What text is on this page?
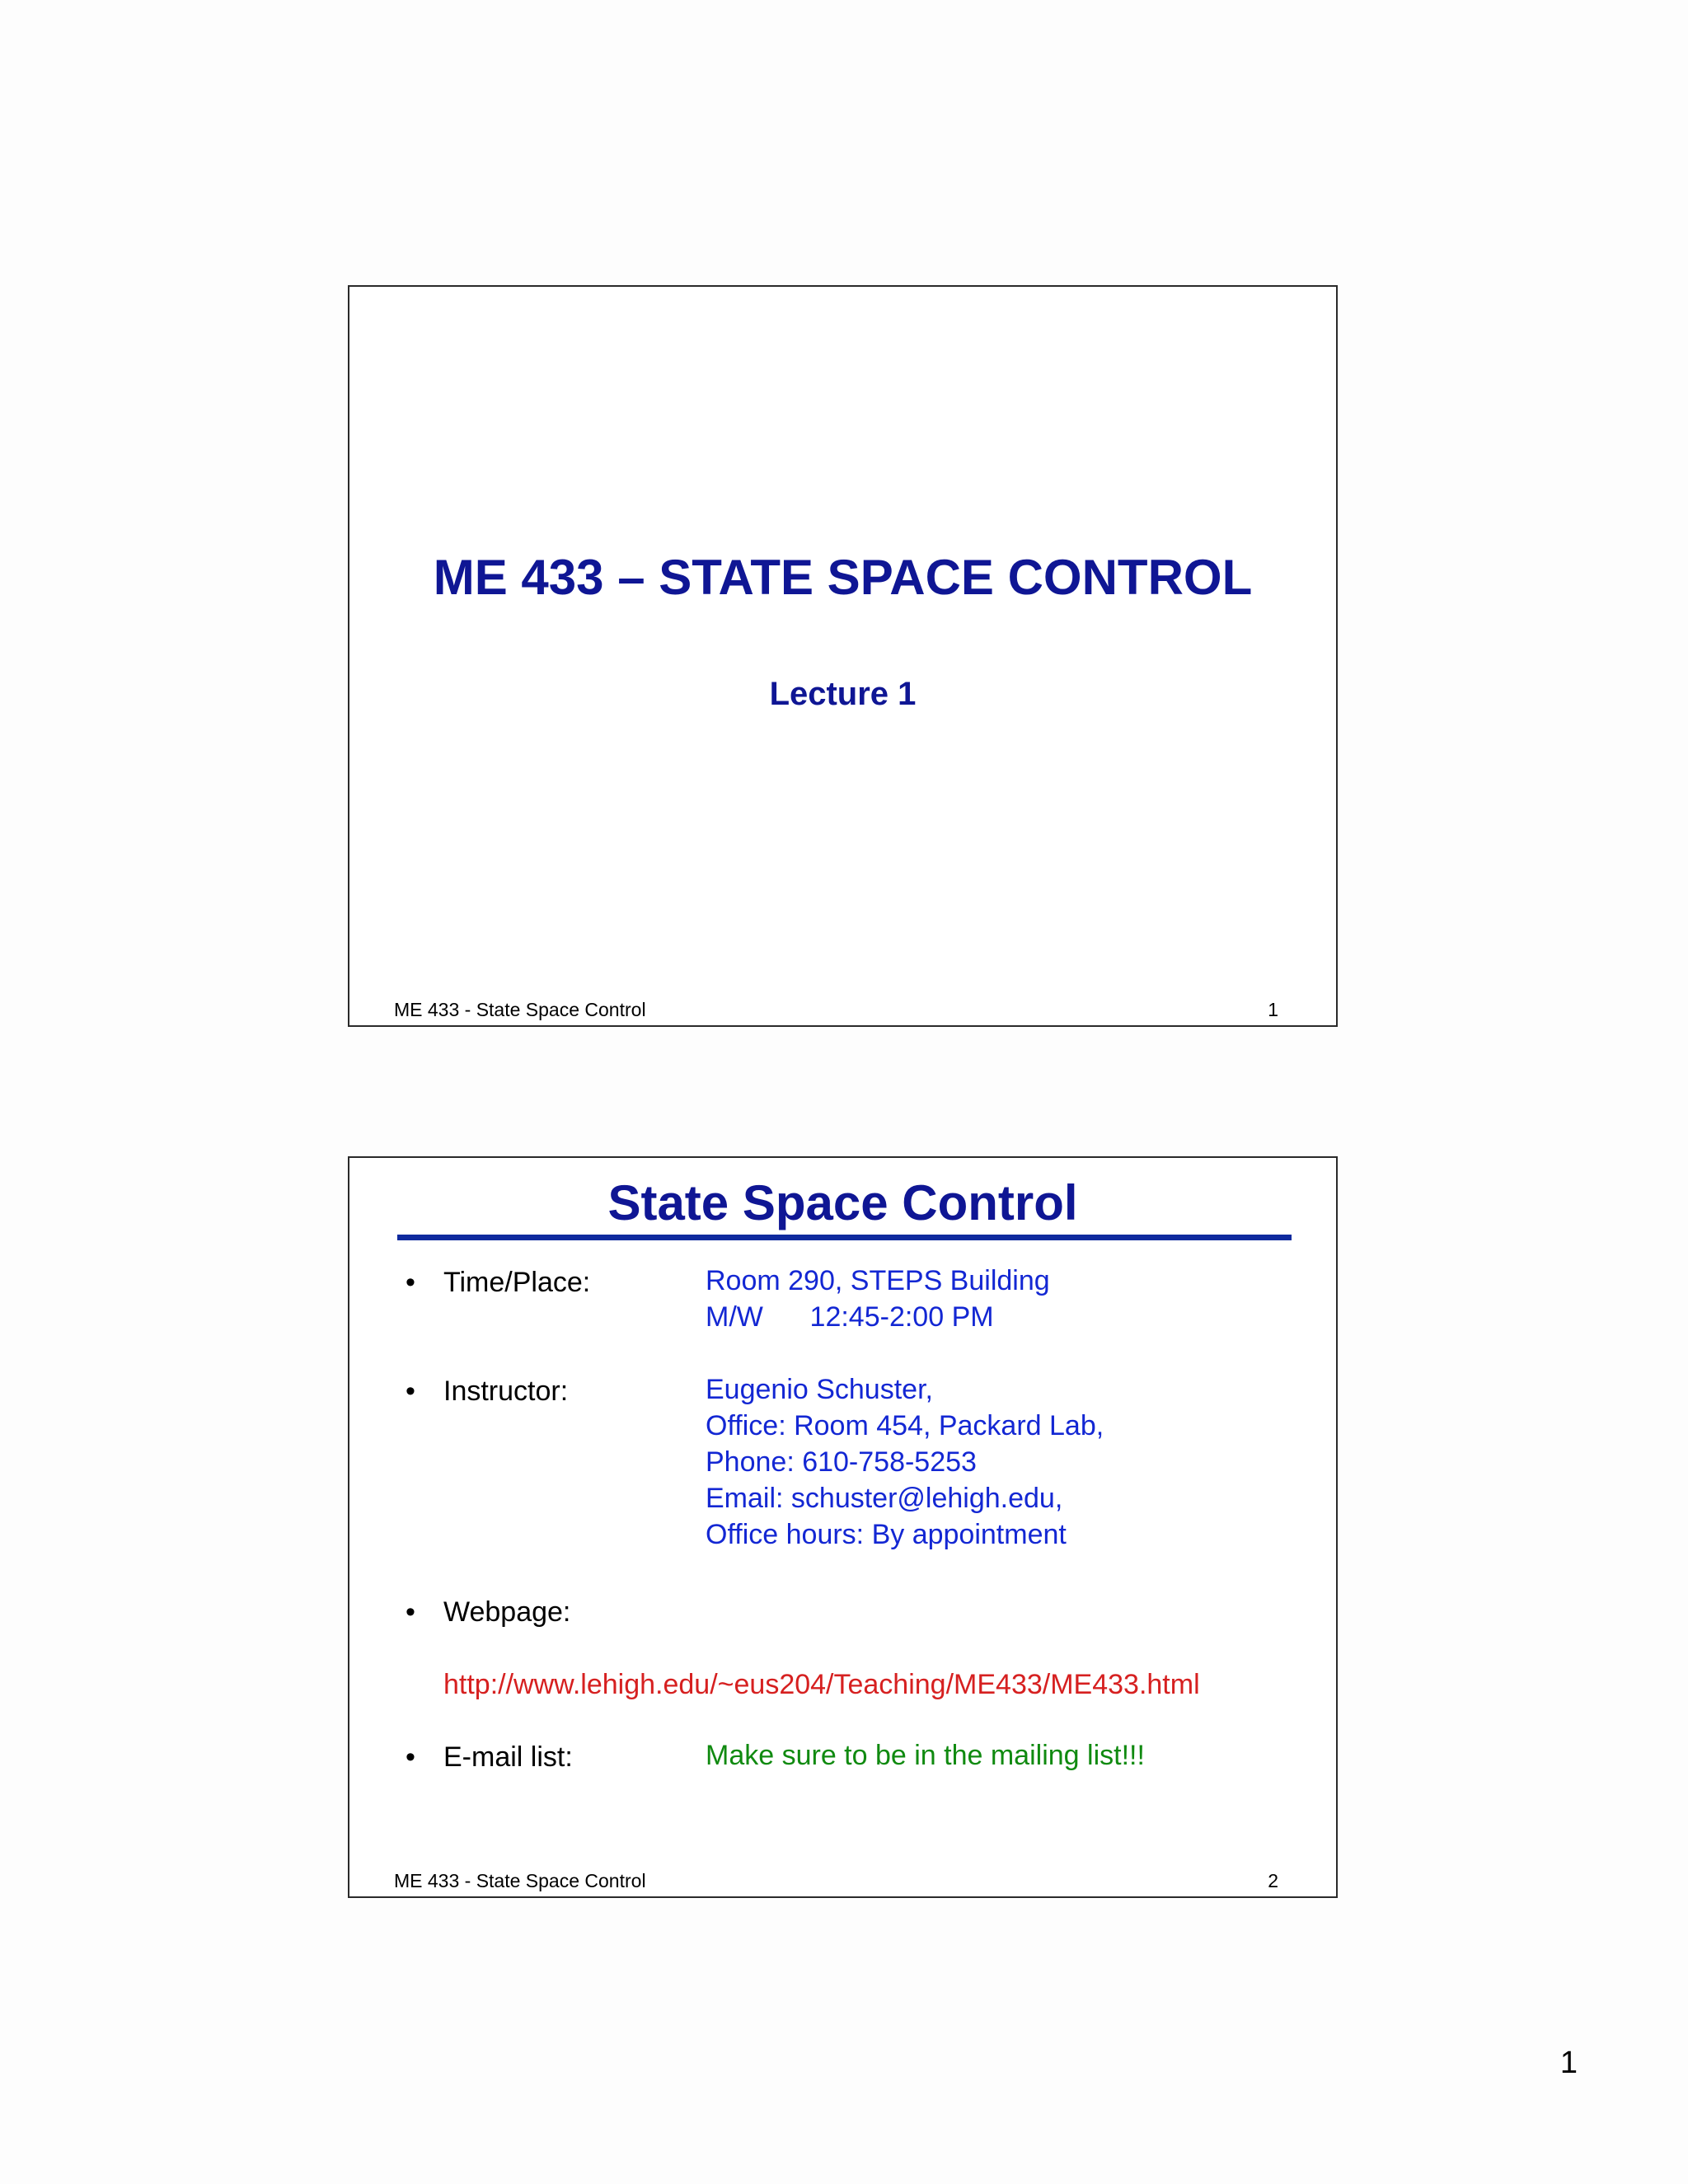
ME 433 – STATE SPACE CONTROL
Lecture 1
ME 433 - State Space Control	1
State Space Control
• Time/Place:	Room 290, STEPS Building
M/W      12:45-2:00 PM
• Instructor:	Eugenio Schuster,
Office: Room 454, Packard Lab,
Phone: 610-758-5253
Email: schuster@lehigh.edu,
Office hours: By appointment
• Webpage:
http://www.lehigh.edu/~eus204/Teaching/ME433/ME433.html
• E-mail list:	Make sure to be in the mailing list!!!
ME 433 - State Space Control	2
1
